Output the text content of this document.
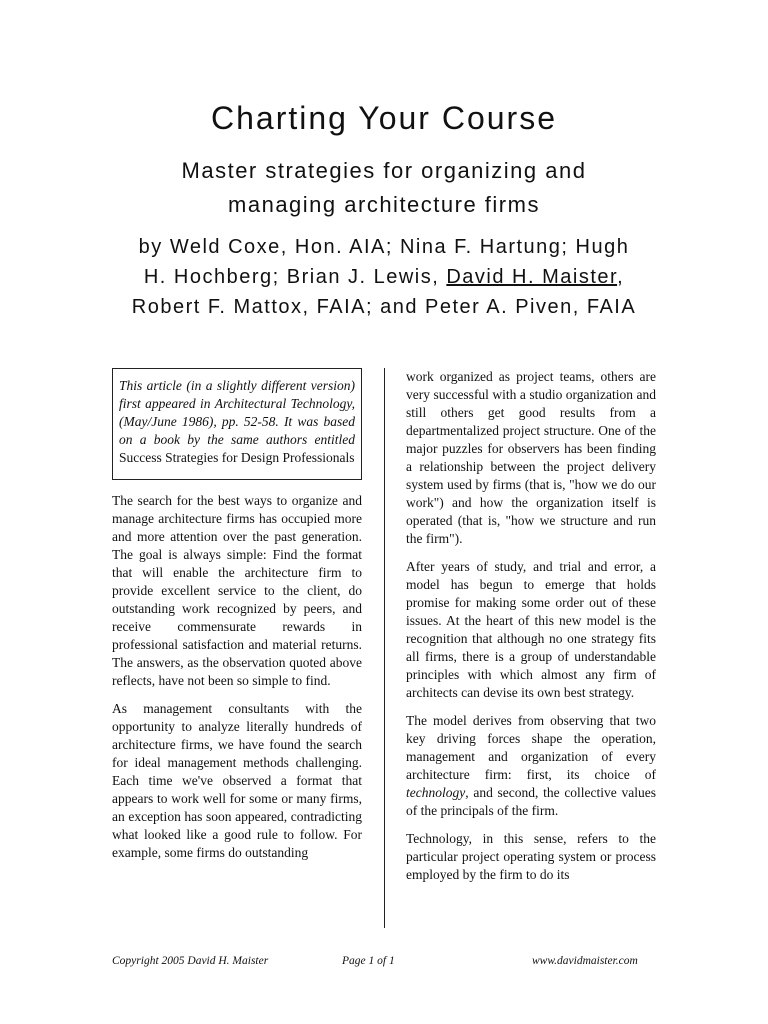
Charting Your Course
Master strategies for organizing and
managing architecture firms
by Weld Coxe, Hon. AIA; Nina F. Hartung; Hugh
H. Hochberg; Brian J. Lewis, David H. Maister,
Robert F. Mattox, FAIA; and Peter A. Piven, FAIA
This article (in a slightly different version) first appeared in Architectural Technology, (May/June 1986), pp. 52-58. It was based on a book by the same authors entitled Success Strategies for Design Professionals

The search for the best ways to organize and manage architecture firms has occupied more and more attention over the past generation. The goal is always simple: Find the format that will enable the architecture firm to provide excellent service to the client, do outstanding work recognized by peers, and receive commensurate rewards in professional satisfaction and material returns. The answers, as the observation quoted above reflects, have not been so simple to find.

As management consultants with the opportunity to analyze literally hundreds of architecture firms, we have found the search for ideal management methods challenging. Each time we've observed a format that appears to work well for some or many firms, an exception has soon appeared, contradicting what looked like a good rule to follow. For example, some firms do outstanding

work organized as project teams, others are very successful with a studio organization and still others get good results from a departmentalized project structure. One of the major puzzles for observers has been finding a relationship between the project delivery system used by firms (that is, "how we do our work") and how the organization itself is operated (that is, "how we structure and run the firm").

After years of study, and trial and error, a model has begun to emerge that holds promise for making some order out of these issues. At the heart of this new model is the recognition that although no one strategy fits all firms, there is a group of understandable principles with which almost any firm of architects can devise its own best strategy.

The model derives from observing that two key driving forces shape the operation, management and organization of every architecture firm: first, its choice of technology, and second, the collective values of the principals of the firm.

Technology, in this sense, refers to the particular project operating system or process employed by the firm to do its

Copyright 2005 David H. Maister	Page 1 of 1	www.davidmaister.com
